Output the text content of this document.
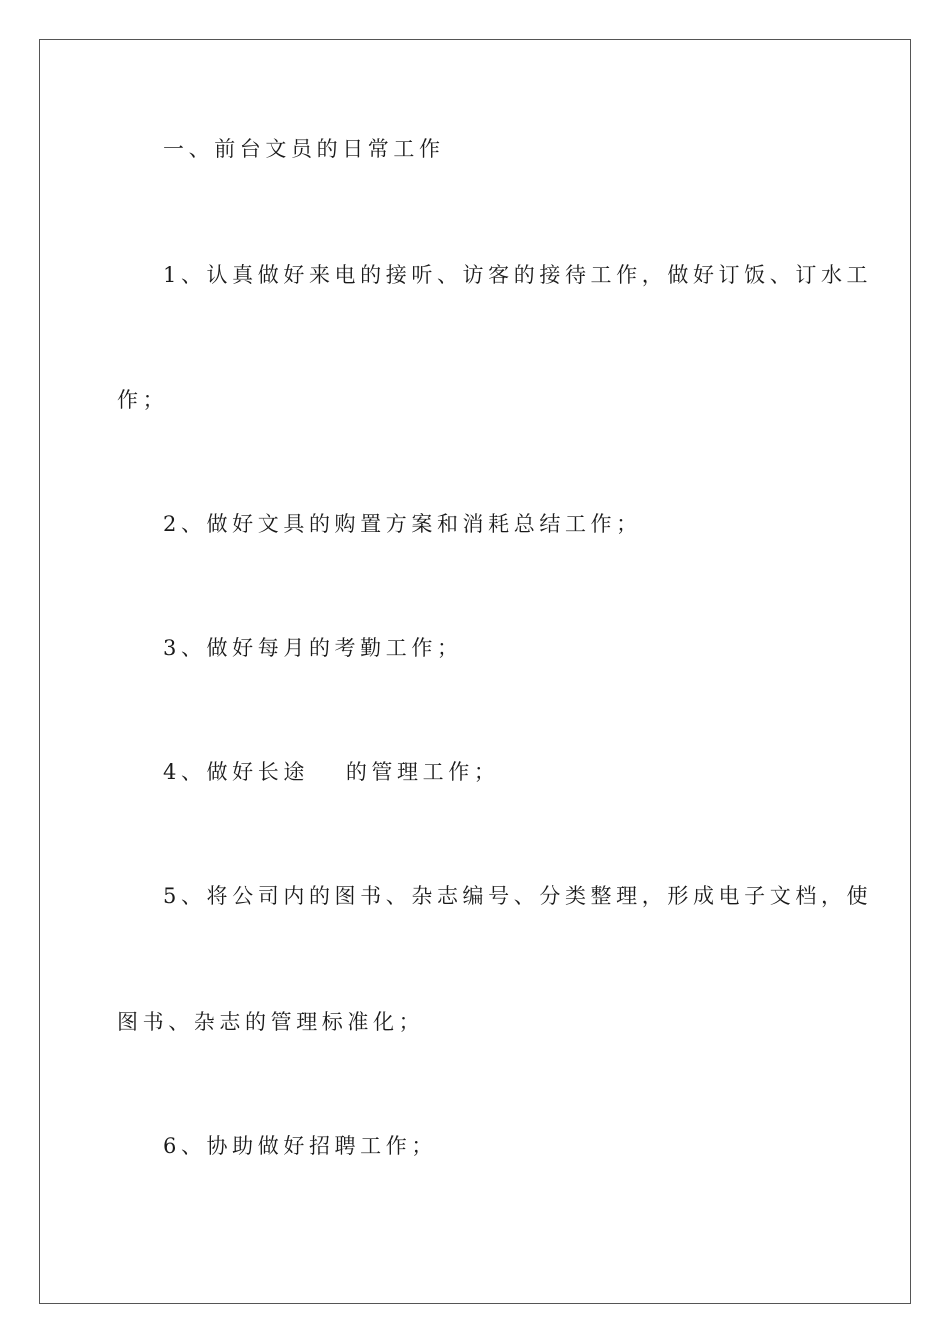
一、前台文员的日常工作
1、认真做好来电的接听、访客的接待工作，做好订饭、订水工
作；
2、做好文具的购置方案和消耗总结工作；
3、做好每月的考勤工作；
4、做好长途　 的管理工作；
5、将公司内的图书、杂志编号、分类整理，形成电子文档，使
图书、杂志的管理标准化；
6、协助做好招聘工作；
